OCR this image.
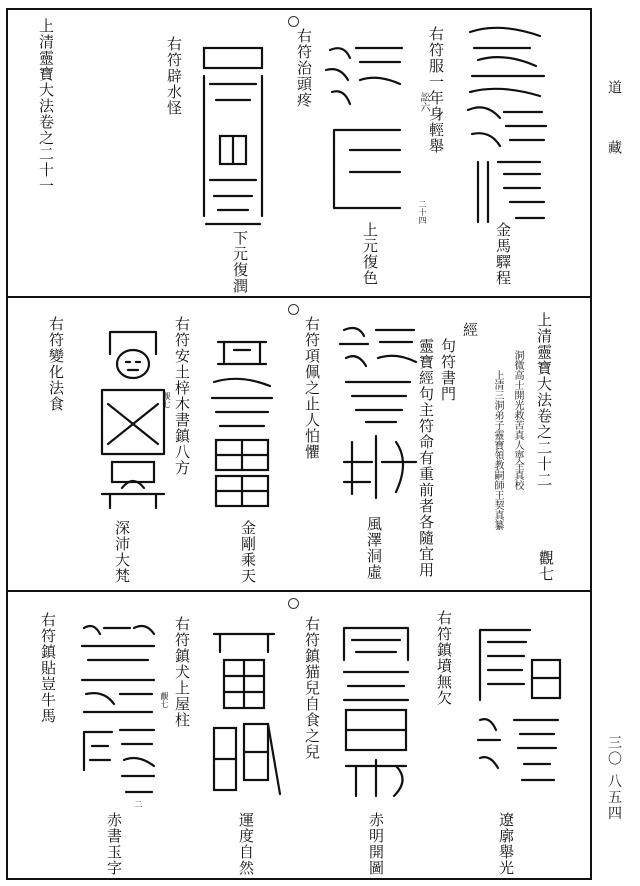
道
藏
三〇 八五四
上清靈寶大法卷之二十一	右符服一年身輕舉
訟六
二十四
金馬驛程
右符治頭疼
上元復色
右符辟水怪
下元復潤
上清靈寶大法卷之二十二
觀七
洞微高士開光救苦真人寧全真校
上清三洞弟子靈寶領教嗣師王契真纂
經
句符書門
靈寶經句主符命有重前者各隨宜用
風澤洞虛
右符項佩之止人怕懼
金剛乘天
右符安土梓木書鎮八方
觀七
深沛大梵
右符變化法食
右符鎮墳無欠
遼廓舉光
右符鎮猫兒自食之兒
赤明開圖
右符鎮犬上屋柱
觀七
二
運度自然
右符鎮貼豈牛馬
赤書玉字
